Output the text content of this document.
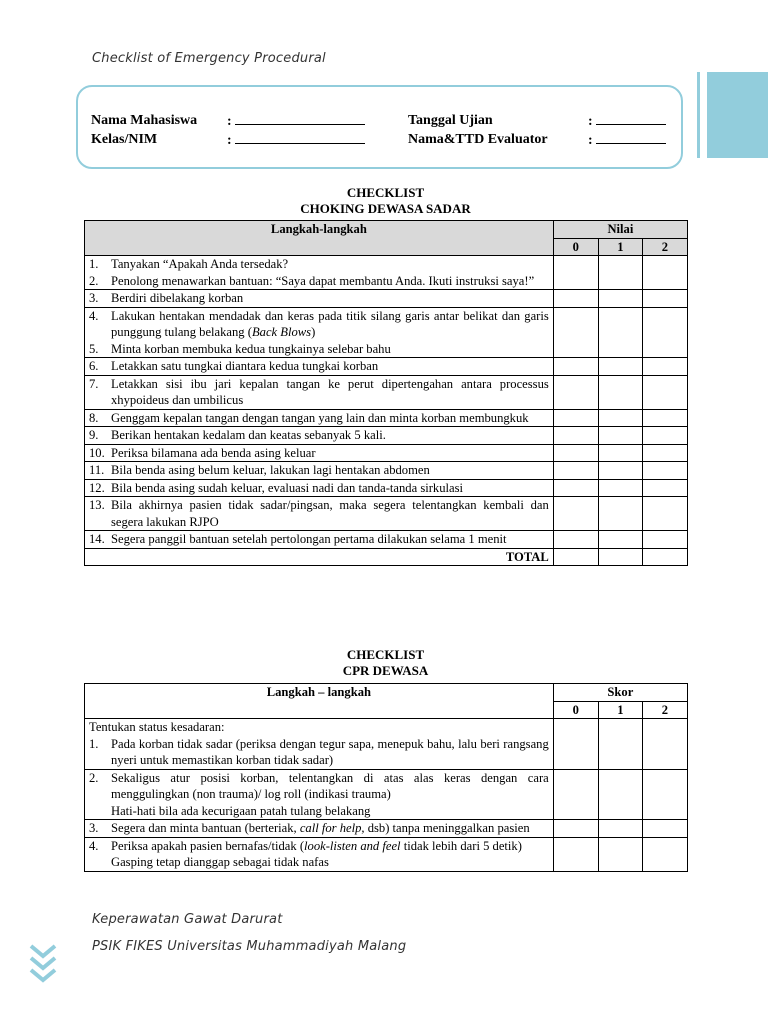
Checklist of Emergency Procedural
Nama Mahasiswa :	Tanggal Ujian	:
Kelas/NIM	:	Nama&TTD Evaluator	:
CHECKLIST
CHOKING DEWASA SADAR
Langkah-langkah	Nilai		
	0	1	2

1. Tanyakan “Apakah Anda tersedak?
2. Penolong menawarkan bantuan: “Saya dapat membantu Anda. Ikuti instruksi saya!”			

3. Berdiri dibelakang korban			

4. Lakukan hentakan mendadak dan keras pada titik silang garis antar belikat dan garis punggung tulang belakang (Back Blows)
5. Minta korban membuka kedua tungkainya selebar bahu			

6. Letakkan satu tungkai diantara kedua tungkai korban			

7. Letakkan sisi ibu jari kepalan tangan ke perut dipertengahan antara processus xhypoideus dan umbilicus			

8. Genggam kepalan tangan dengan tangan yang lain dan minta korban membungkuk			

9. Berikan hentakan kedalam dan keatas sebanyak 5 kali.			

10. Periksa bilamana ada benda asing keluar			

11. Bila benda asing belum keluar, lakukan lagi hentakan abdomen			

12. Bila benda asing sudah keluar, evaluasi nadi dan tanda-tanda sirkulasi			

13. Bila akhirnya pasien tidak sadar/pingsan, maka segera telentangkan kembali dan segera lakukan RJPO			

14. Segera panggil bantuan setelah pertolongan pertama dilakukan selama 1 menit			

TOTAL			
CHECKLIST
CPR DEWASA
Langkah – langkah	Skor		
	0	1	2

Tentukan status kesadaran:
1. Pada korban tidak sadar (periksa dengan tegur sapa, menepuk bahu, lalu beri rangsang nyeri untuk memastikan korban tidak sadar)			

2. Sekaligus atur posisi korban, telentangkan di atas alas keras dengan cara menggulingkan (non trauma)/ log roll (indikasi trauma)
Hati-hati bila ada kecurigaan patah tulang belakang			

3. Segera dan minta bantuan (berteriak, call for help, dsb) tanpa meninggalkan pasien			

4. Periksa apakah pasien bernafas/tidak (look-listen and feel tidak lebih dari 5 detik)
Gasping tetap dianggap sebagai tidak nafas			

Keperawatan Gawat Darurat
PSIK FIKES Universitas Muhammadiyah Malang
